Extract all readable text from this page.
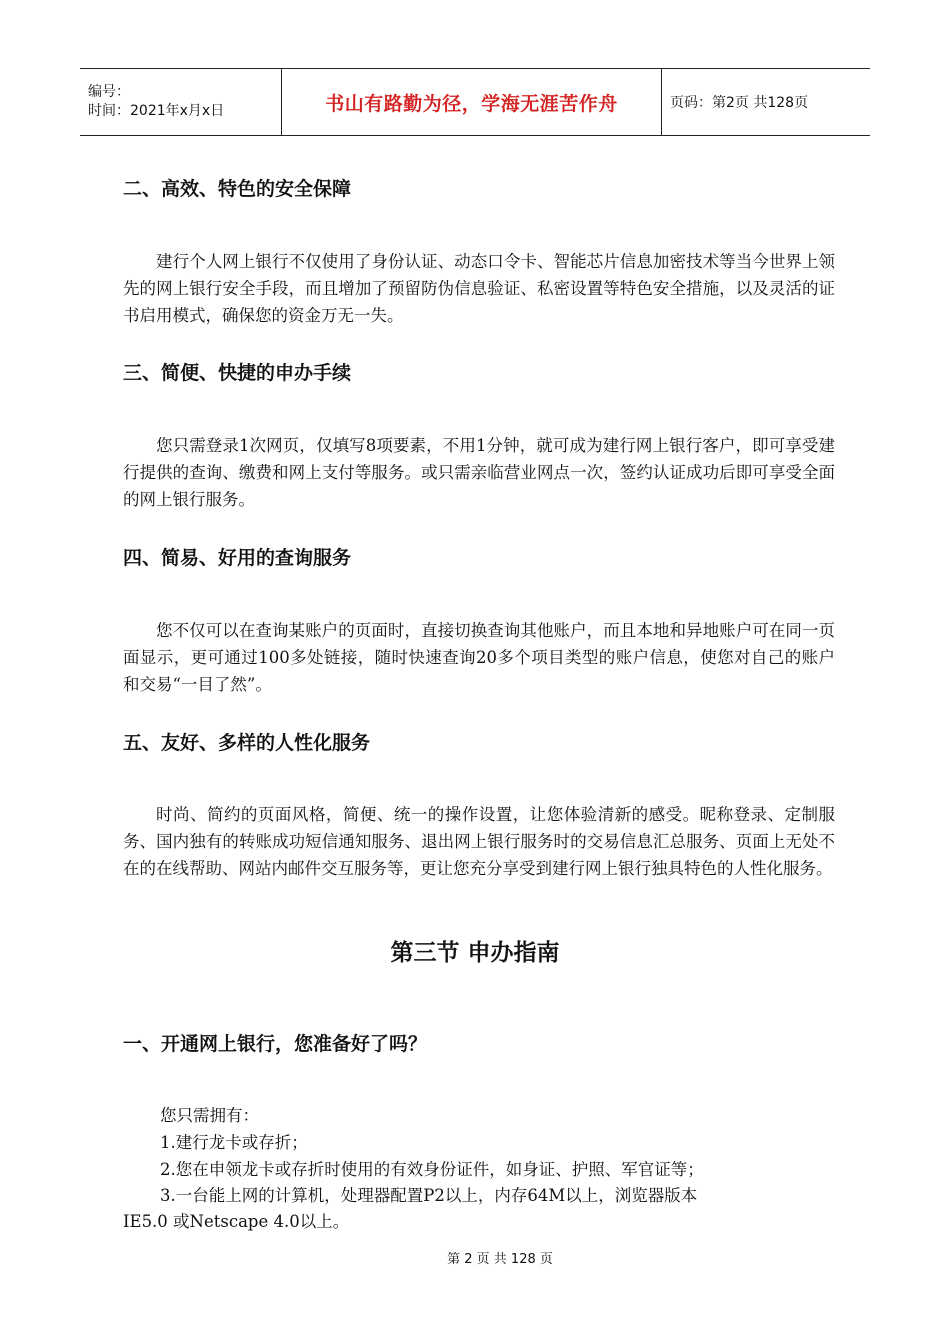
编号：
时间：2021年x月x日	书山有路勤为径，学海无涯苦作舟	页码：第2页 共128页
二、高效、特色的安全保障

建行个人网上银行不仅使用了身份认证、动态口令卡、智能芯片信息加密技术等当今世界上领先的网上银行安全手段，而且增加了预留防伪信息验证、私密设置等特色安全措施，以及灵活的证书启用模式，确保您的资金万无一失。

三、简便、快捷的申办手续

您只需登录1次网页，仅填写8项要素，不用1分钟，就可成为建行网上银行客户，即可享受建行提供的查询、缴费和网上支付等服务。或只需亲临营业网点一次，签约认证成功后即可享受全面的网上银行服务。

四、简易、好用的查询服务

您不仅可以在查询某账户的页面时，直接切换查询其他账户，而且本地和异地账户可在同一页面显示，更可通过100多处链接，随时快速查询20多个项目类型的账户信息，使您对自己的账户和交易“一目了然”。

五、友好、多样的人性化服务

时尚、简约的页面风格，简便、统一的操作设置，让您体验清新的感受。昵称登录、定制服务、国内独有的转账成功短信通知服务、退出网上银行服务时的交易信息汇总服务、页面上无处不在的在线帮助、网站内邮件交互服务等，更让您充分享受到建行网上银行独具特色的人性化服务。

第三节 申办指南
一、开通网上银行，您准备好了吗？

您只需拥有：

1.建行龙卡或存折；

2.您在申领龙卡或存折时使用的有效身份证件，如身证、护照、军官证等；

3.一台能上网的计算机，处理器配置P2以上，内存64M以上，浏览器版本

IE5.0 或Netscape 4.0以上。

第 2 页 共 128 页
